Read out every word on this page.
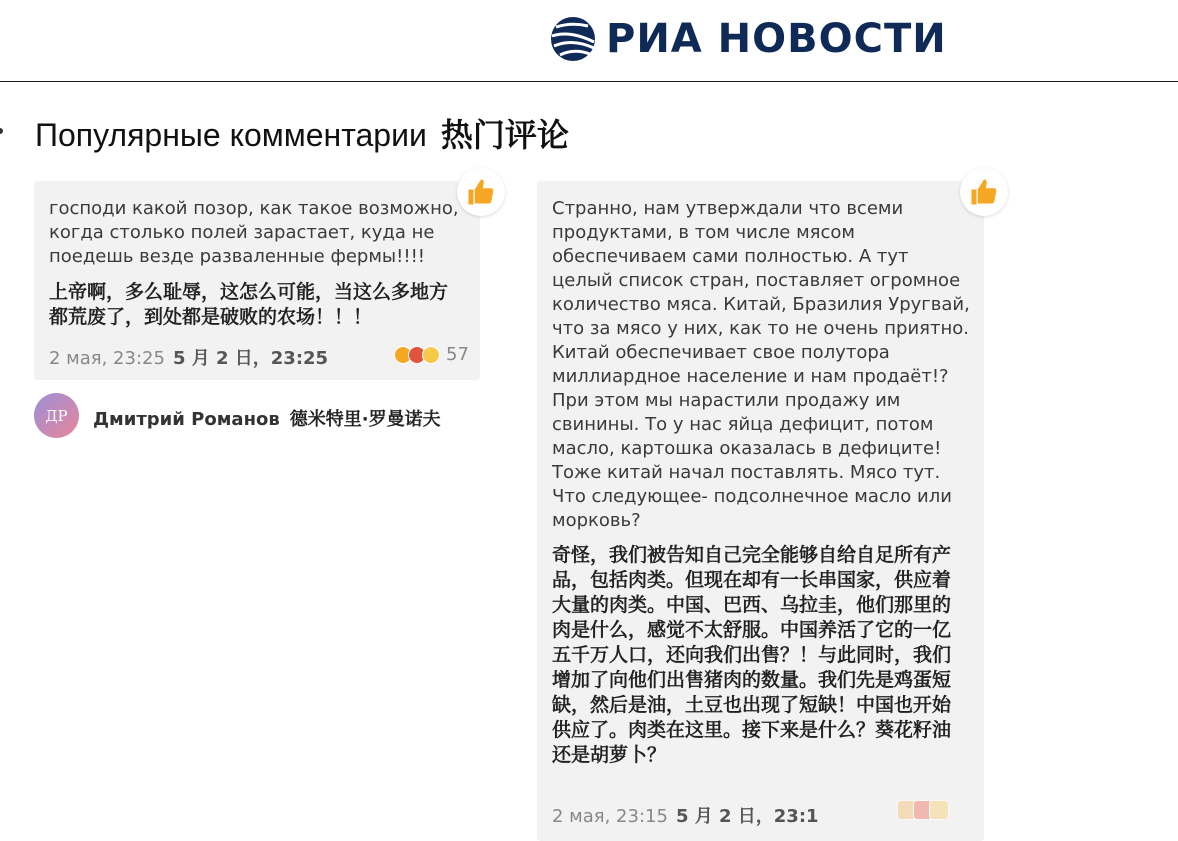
РИА НОВОСТИ
Популярные комментарии 热门评论
господи какой позор, как такое возможно, когда столько полей зарастает, куда не поедешь везде разваленные фермы!!!!
上帝啊，多么耻辱，这怎么可能，当这么多地方都荒废了，到处都是破败的农场！！！
2 мая, 23:25 5 月 2 日，23:25	57
ДР	Дмитрий Романов 德米特里·罗曼诺夫
Странно, нам утверждали что всеми продуктами, в том числе мясом обеспечиваем сами полностью. А тут целый список стран, поставляет огромное количество мяса. Китай, Бразилия Уругвай, что за мясо у них, как то не очень приятно. Китай обеспечивает свое полутора миллиардное население и нам продаёт!? При этом мы нарастили продажу им свинины. То у нас яйца дефицит, потом масло, картошка оказалась в дефиците! Тоже китай начал поставлять. Мясо тут. Что следующее- подсолнечное масло или морковь?
奇怪，我们被告知自己完全能够自给自足所有产品，包括肉类。但现在却有一长串国家，供应着大量的肉类。中国、巴西、乌拉圭，他们那里的肉是什么，感觉不太舒服。中国养活了它的一亿五千万人口，还向我们出售？！与此同时，我们增加了向他们出售猪肉的数量。我们先是鸡蛋短缺，然后是油，土豆也出现了短缺！中国也开始供应了。肉类在这里。接下来是什么？葵花籽油还是胡萝卜？
2 мая, 23:15 5 月 2 日，23:1
